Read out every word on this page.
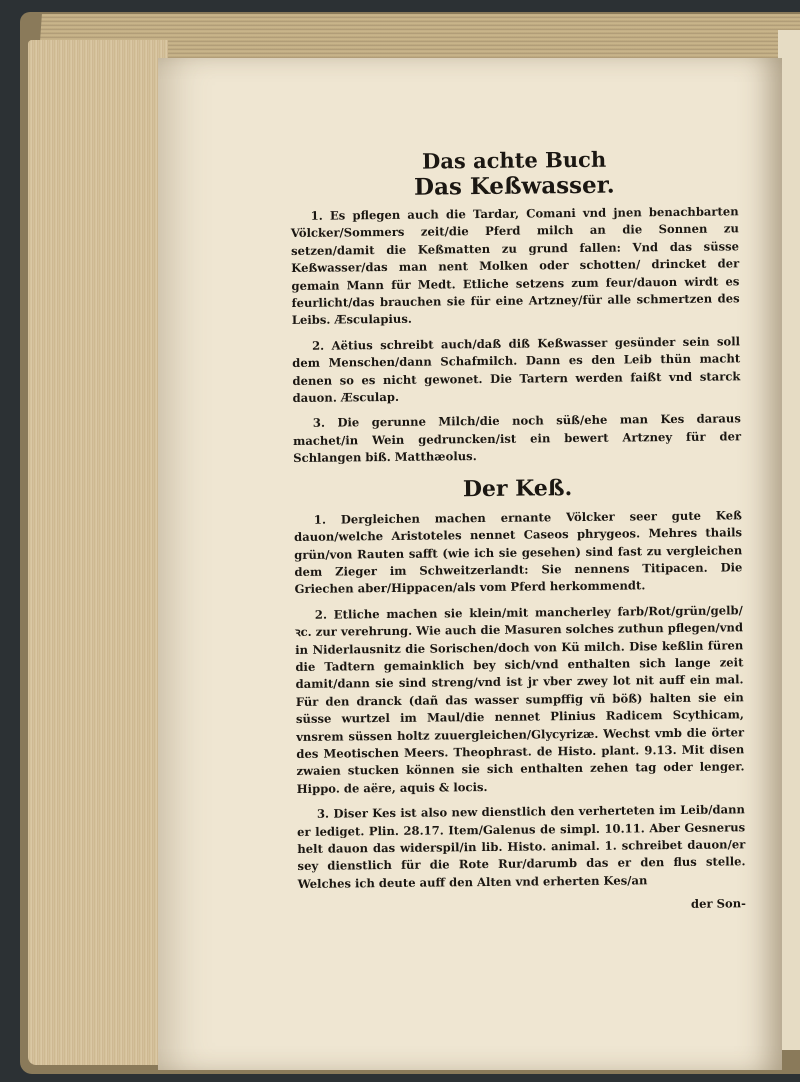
Das achte Buch
Das Keßwasser.

1. Es pflegen auch die Tardar, Comani vnd jnen benachbarten Völcker/Sommers zeit/die Pferd milch an die Sonnen zu setzen/damit die Keßmatten zu grund fallen: Vnd das süsse Keßwasser/das man nent Molken oder schotten/ drincket der gemain Mann für Medt. Etliche setzens zum feur/dauon wirdt es feurlicht/das brauchen sie für eine Artzney/für alle schmertzen des Leibs. Æsculapius.

2. Aëtius schreibt auch/daß diß Keßwasser gesünder sein soll dem Menschen/dann Schafmilch. Dann es den Leib thün macht denen so es nicht gewonet. Die Tartern werden faißt vnd starck dauon. Æsculap.

3. Die gerunne Milch/die noch süß/ehe man Kes daraus machet/in Wein gedruncken/ist ein bewert Artzney für der Schlangen biß. Matthæolus.

Der Keß.

1. Dergleichen machen ernante Völcker seer gute Keß dauon/welche Aristoteles nennet Caseos phrygeos. Mehres thails grün/von Rauten safft (wie ich sie gesehen) sind fast zu vergleichen dem Zieger im Schweitzerlandt: Sie nennens Titipacen. Die Griechen aber/Hippacen/als vom Pferd herkommendt.

2. Etliche machen sie klein/mit mancherley farb/Rot/grün/gelb/ꝛc. zur verehrung. Wie auch die Masuren solches zuthun pflegen/vnd in Niderlausnitz die Sorischen/doch von Kü milch. Dise keßlin füren die Tadtern gemainklich bey sich/vnd enthalten sich lange zeit damit/dann sie sind streng/vnd ist jr vber zwey lot nit auff ein mal. Für den dranck (dañ das wasser sumpffig vñ böß) halten sie ein süsse wurtzel im Maul/die nennet Plinius Radicem Scythicam, vnsrem süssen holtz zuuergleichen/Glycyrizæ. Wechst vmb die örter des Meotischen Meers. Theophrast. de Histo. plant. 9.13. Mit disen zwaien stucken können sie sich enthalten zehen tag oder lenger. Hippo. de aëre, aquis & locis.

3. Diser Kes ist also new dienstlich den verherteten im Leib/dann er lediget. Plin. 28.17. Item/Galenus de simpl. 10.11. Aber Gesnerus helt dauon das widerspil/in lib. Histo. animal. 1. schreibet dauon/er sey dienstlich für die Rote Rur/darumb das er den flus stelle. Welches ich deute auff den Alten vnd erherten Kes/an

der Son-
